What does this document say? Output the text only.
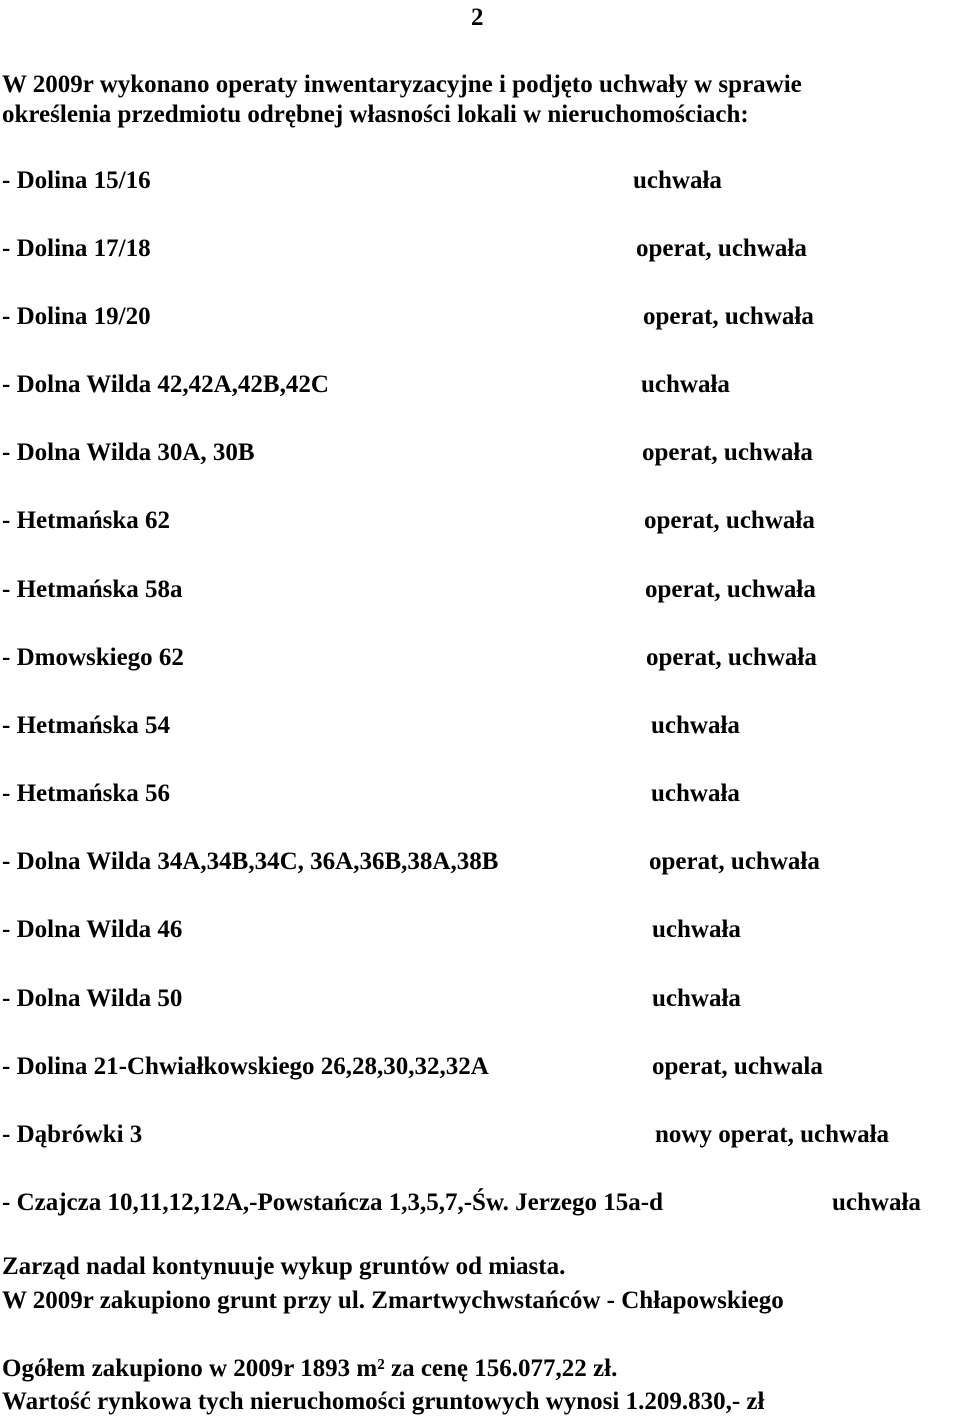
2
W 2009r wykonano operaty inwentaryzacyjne i podjęto uchwały w sprawie
określenia przedmiotu odrębnej własności lokali w nieruchomościach:
- Dolina 15/16	uchwała
- Dolina 17/18	operat, uchwała
- Dolina 19/20	operat, uchwała
- Dolna Wilda 42,42A,42B,42C	uchwała
- Dolna Wilda 30A, 30B	operat, uchwała
- Hetmańska 62	operat, uchwała
- Hetmańska 58a	operat, uchwała
- Dmowskiego 62	operat, uchwała
- Hetmańska 54	uchwała
- Hetmańska 56	uchwała
- Dolna Wilda 34A,34B,34C, 36A,36B,38A,38B	operat, uchwała
- Dolna Wilda 46	uchwała
- Dolna Wilda 50	uchwała
- Dolina 21-Chwiałkowskiego 26,28,30,32,32A	operat, uchwala
- Dąbrówki 3	nowy operat, uchwała
- Czajcza 10,11,12,12A,-Powstańcza 1,3,5,7,-Św. Jerzego 15a-d	uchwała
Zarząd nadal kontynuuje wykup gruntów od miasta.
W 2009r zakupiono grunt przy ul. Zmartwychwstańców - Chłapowskiego
Ogółem zakupiono w 2009r 1893 m² za cenę 156.077,22 zł.
Wartość rynkowa tych nieruchomości gruntowych wynosi 1.209.830,- zł
